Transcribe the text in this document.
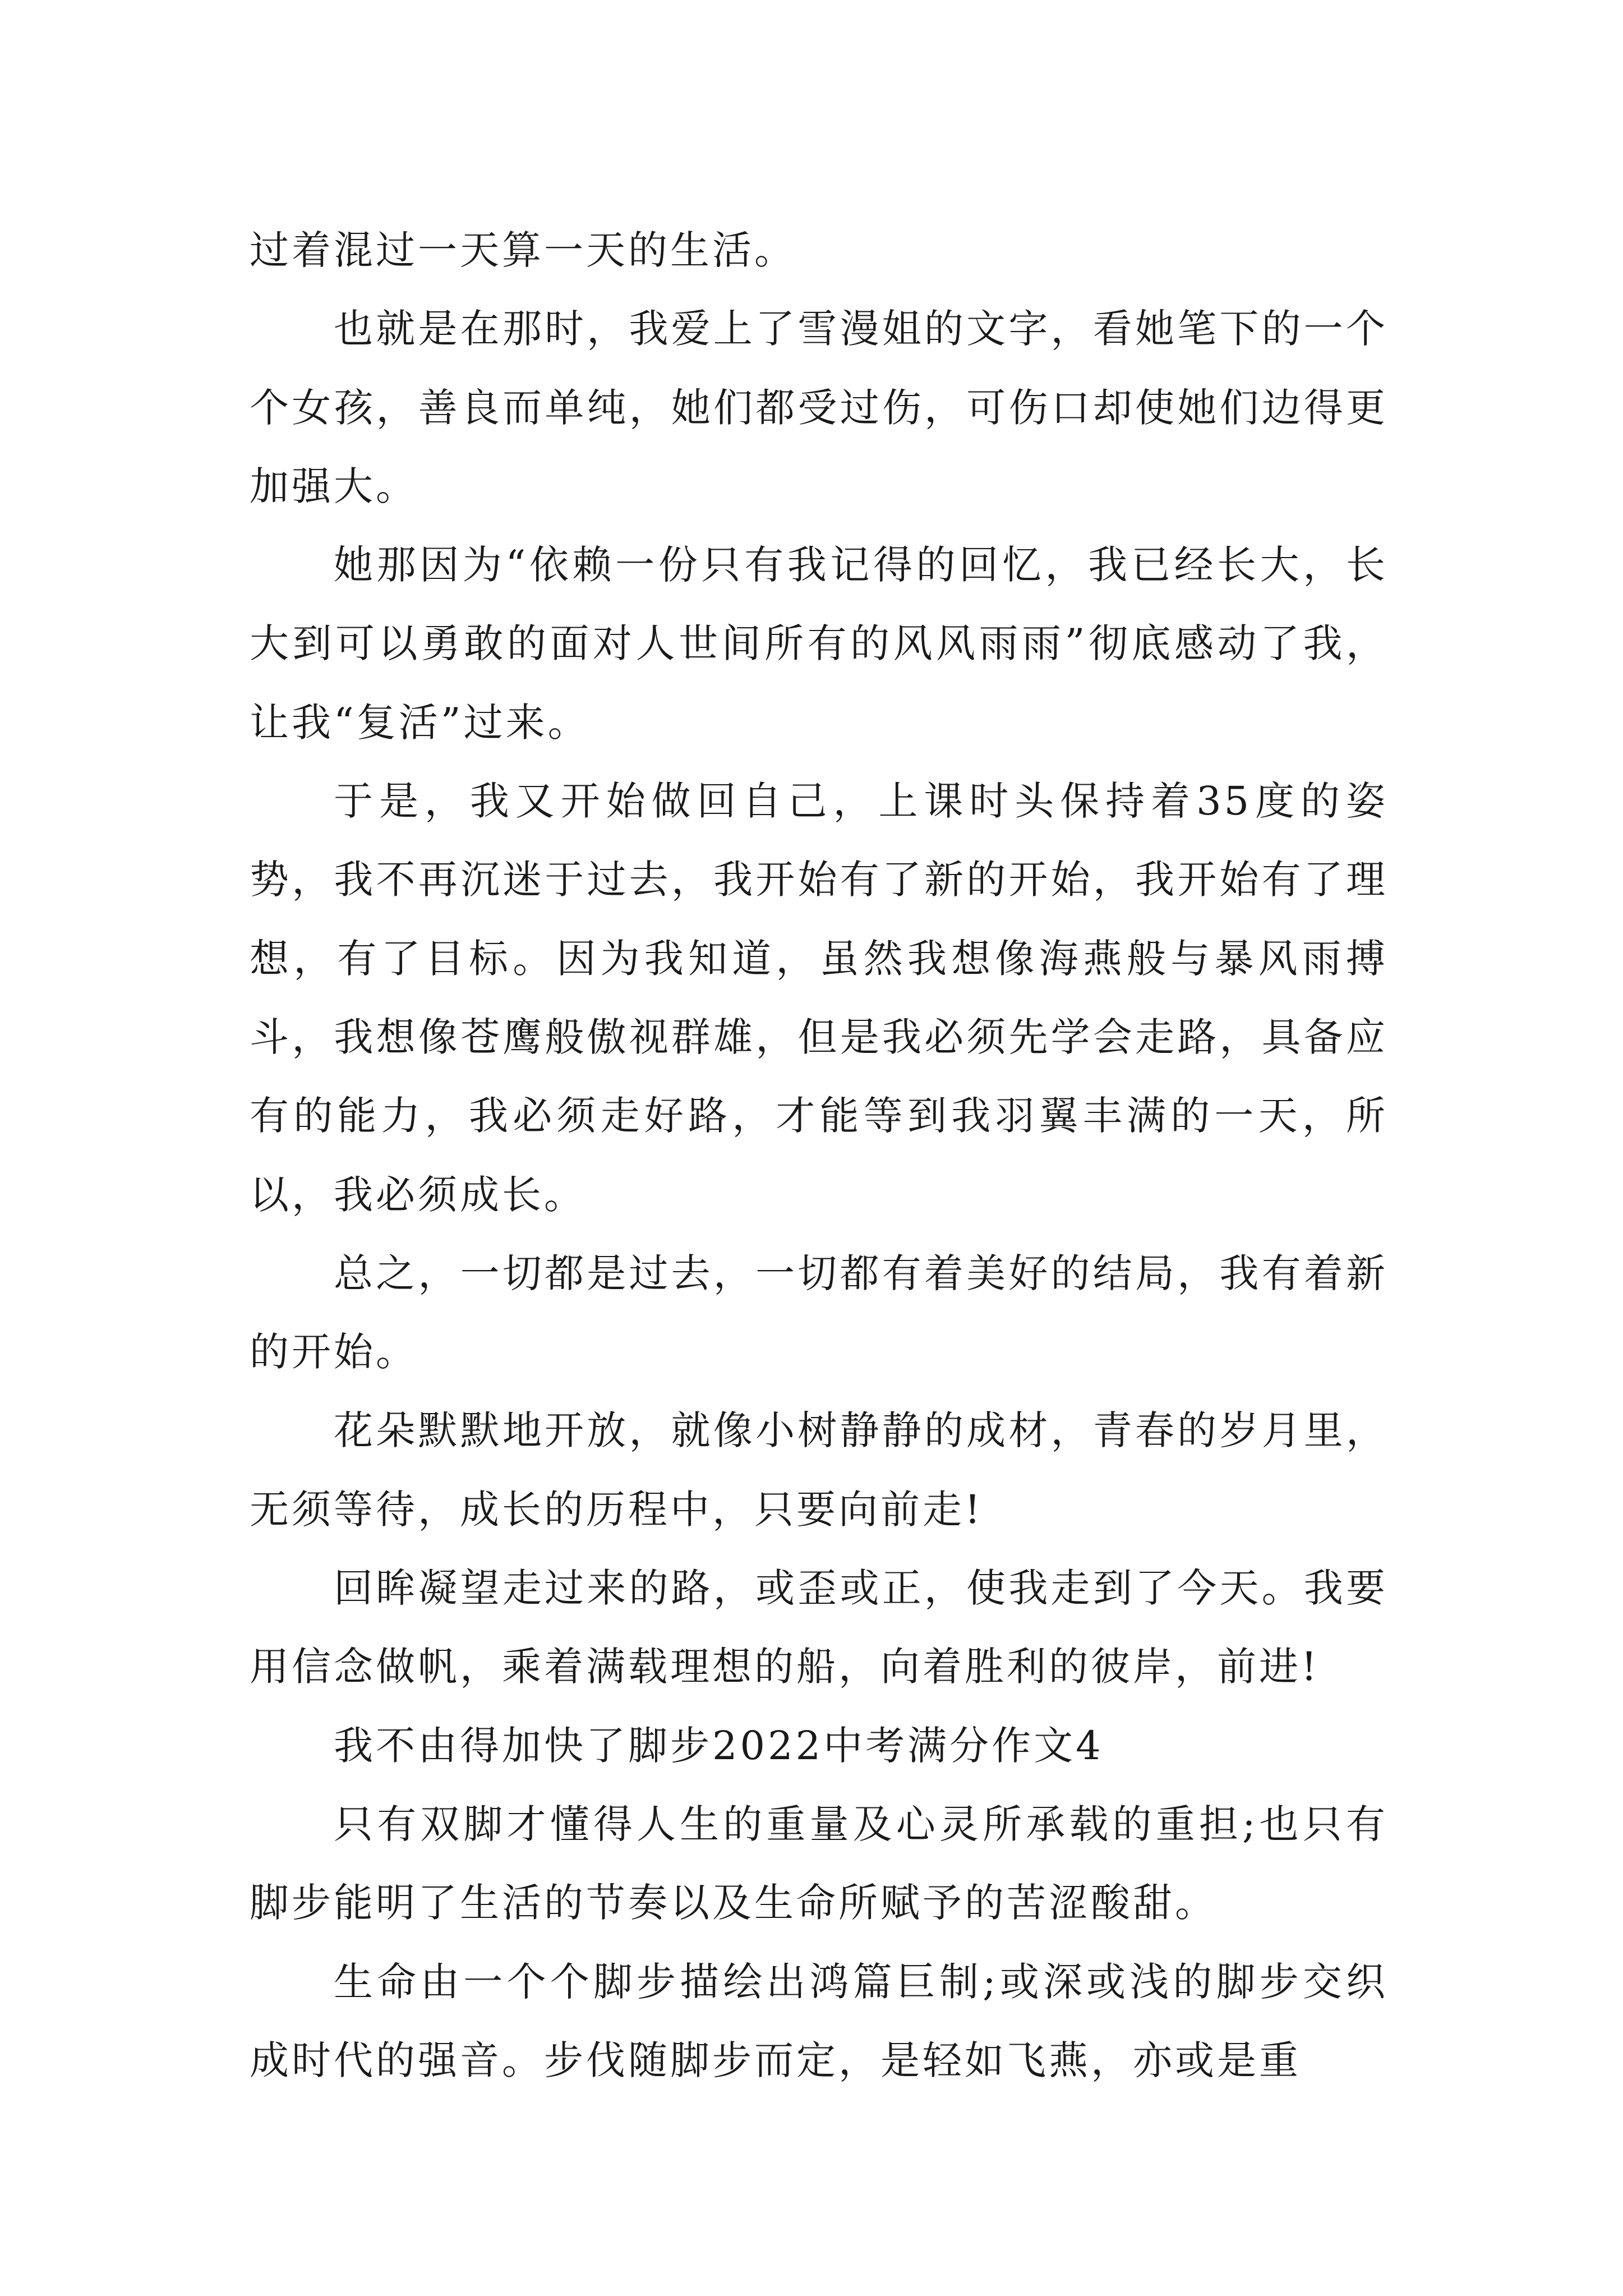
过着混过一天算一天的生活。

也就是在那时，我爱上了雪漫姐的文字，看她笔下的一个个女孩，善良而单纯，她们都受过伤，可伤口却使她们边得更加强大。

她那因为“依赖一份只有我记得的回忆，我已经长大，长大到可以勇敢的面对人世间所有的风风雨雨”彻底感动了我，让我“复活”过来。

于是，我又开始做回自己，上课时头保持着35度的姿势，我不再沉迷于过去，我开始有了新的开始，我开始有了理想，有了目标。因为我知道，虽然我想像海燕般与暴风雨搏斗，我想像苍鹰般傲视群雄，但是我必须先学会走路，具备应有的能力，我必须走好路，才能等到我羽翼丰满的一天，所以，我必须成长。

总之，一切都是过去，一切都有着美好的结局，我有着新的开始。

花朵默默地开放，就像小树静静的成材，青春的岁月里，无须等待，成长的历程中，只要向前走!

回眸凝望走过来的路，或歪或正，使我走到了今天。我要用信念做帆，乘着满载理想的船，向着胜利的彼岸，前进!

我不由得加快了脚步2022中考满分作文4

只有双脚才懂得人生的重量及心灵所承载的重担;也只有脚步能明了生活的节奏以及生命所赋予的苦涩酸甜。

生命由一个个脚步描绘出鸿篇巨制;或深或浅的脚步交织成时代的强音。步伐随脚步而定，是轻如飞燕，亦或是重
